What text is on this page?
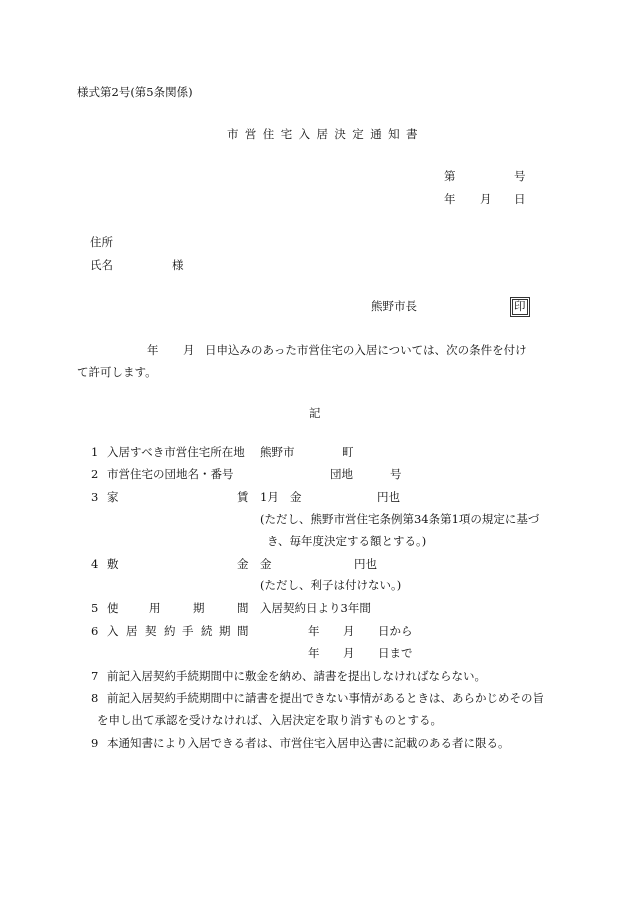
様式第2号(第5条関係)
市営住宅入居決定通知書
第	号
年 月 日
住所
氏名	様
熊野市長	印
年 月 日申込みのあった市営住宅の入居については、次の条件を付け
て許可します。
記
1 入居すべき市営住宅所在地 熊野市	町
2 市営住宅の団地名・番号	団地	号
3 家	賃 1月 金	円也
(ただし、熊野市営住宅条例第34条第1項の規定に基づ
き、毎年度決定する額とする。)
4 敷	金 金	円也
(ただし、利子は付けない。)
5 使	用	期	間 入居契約日より3年間
6 入 居 契 約 手 続 期 間	年 月 日から
年 月 日まで
7 前記入居契約手続期間中に敷金を納め、請書を提出しなければならない。
8 前記入居契約手続期間中に請書を提出できない事情があるときは、あらかじめその旨
を申し出て承認を受けなければ、入居決定を取り消すものとする。
9 本通知書により入居できる者は、市営住宅入居申込書に記載のある者に限る。
